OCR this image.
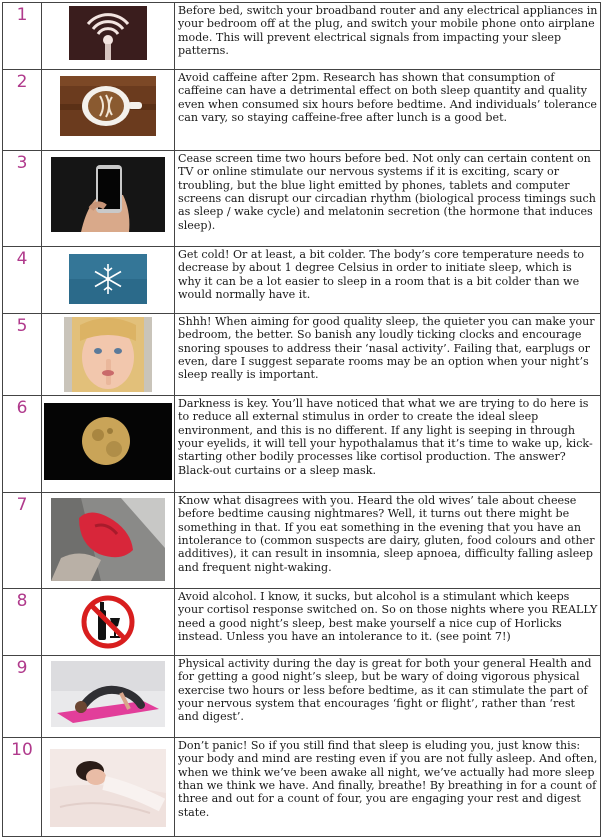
1		Before bed, switch your broadband router and any electrical appliances in your bedroom off at the plug, and switch your mobile phone onto airplane mode. This will prevent electrical signals from impacting your sleep patterns.
2		Avoid caffeine after 2pm. Research has shown that consumption of caffeine can have a detrimental effect on both sleep quantity and quality even when consumed six hours before bedtime. And individuals’ tolerance can vary, so staying caffeine-free after lunch is a good bet.
3		Cease screen time two hours before bed. Not only can certain content on TV or online stimulate our nervous systems if it is exciting, scary or troubling, but the blue light emitted by phones, tablets and computer screens can disrupt our circadian rhythm (biological process timings such as sleep / wake cycle) and melatonin secretion (the hormone that induces sleep).
4		Get cold! Or at least, a bit colder. The body’s core temperature needs to decrease by about 1 degree Celsius in order to initiate sleep, which is why it can be a lot easier to sleep in a room that is a bit colder than we would normally have it.
5		Shhh! When aiming for good quality sleep, the quieter you can make your bedroom, the better. So banish any loudly ticking clocks and encourage snoring spouses to address their ‘nasal activity’. Failing that, earplugs or even, dare I suggest separate rooms may be an option when your night’s sleep really is important.
6		Darkness is key. You’ll have noticed that what we are trying to do here is to reduce all external stimulus in order to create the ideal sleep environment, and this is no different. If any light is seeping in through your eyelids, it will tell your hypothalamus that it’s time to wake up, kick-starting other bodily processes like cortisol production. The answer? Black-out curtains or a sleep mask.
7		Know what disagrees with you. Heard the old wives’ tale about cheese before bedtime causing nightmares? Well, it turns out there might be something in that. If you eat something in the evening that you have an intolerance to (common suspects are dairy, gluten, food colours and other additives), it can result in insomnia, sleep apnoea, difficulty falling asleep and frequent night-waking.
8		Avoid alcohol. I know, it sucks, but alcohol is a stimulant which keeps your cortisol response switched on. So on those nights where you REALLY need a good night’s sleep, best make yourself a nice cup of Horlicks instead. Unless you have an intolerance to it. (see point 7!)
9		Physical activity during the day is great for both your general Health and for getting a good night’s sleep, but be wary of doing vigorous physical exercise two hours or less before bedtime, as it can stimulate the part of your nervous system that encourages ‘fight or flight’, rather than ‘rest and digest’.
10		Don’t panic! So if you still find that sleep is eluding you, just know this: your body and mind are resting even if you are not fully asleep. And often, when we think we’ve been awake all night, we’ve actually had more sleep than we think we have. And finally, breathe! By breathing in for a count of three and out for a count of four, you are engaging your rest and digest state.
